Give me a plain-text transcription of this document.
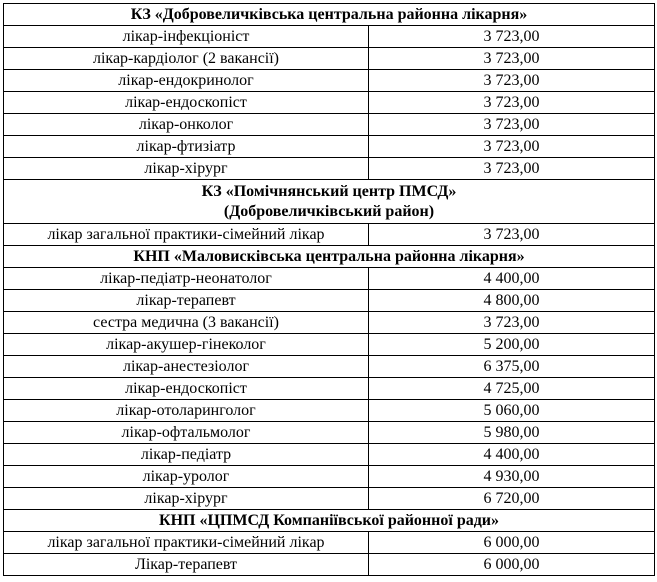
КЗ «Добровеличківська центральна районна лікарня»	
лікар-інфекціоніст	3 723,00
лікар-кардіолог (2 вакансії)	3 723,00
лікар-ендокринолог	3 723,00
лікар-ендоскопіст	3 723,00
лікар-онколог	3 723,00
лікар-фтизіатр	3 723,00
лікар-хірург	3 723,00

КЗ «Помічнянський центр ПМСД»
(Добровеличківський район)	

лікар загальної практики-сімейний лікар	3 723,00
КНП «Маловисківська центральна районна лікарня»	
лікар-педіатр-неонатолог	4 400,00
лікар-терапевт	4 800,00
сестра медична (3 вакансії)	3 723,00
лікар-акушер-гінеколог	5 200,00
лікар-анестезіолог	6 375,00
лікар-ендоскопіст	4 725,00
лікар-отоларинголог	5 060,00
лікар-офтальмолог	5 980,00
лікар-педіатр	4 400,00
лікар-уролог	4 930,00
лікар-хірург	6 720,00
КНП «ЦПМСД Компаніївської районної ради»	
лікар загальної практики-сімейний лікар	6 000,00
Лікар-терапевт	6 000,00
